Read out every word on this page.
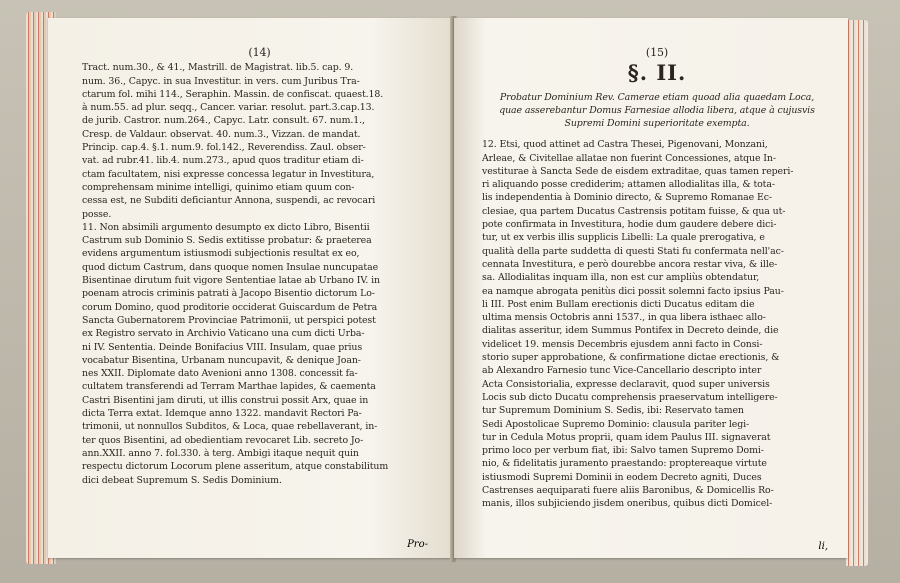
(14)
Tract. num.30., & 41., Mastrill. de Magistrat. lib.5. cap. 9.
num. 36., Capyc. in sua Investitur. in vers. cum Juribus Tra-
ctarum fol. mihi 114., Seraphin. Massin. de confiscat. quaest.18.
à num.55. ad plur. seqq., Cancer. variar. resolut. part.3.cap.13.
de jurib. Castror. num.264., Capyc. Latr. consult. 67. num.1.,
Cresp. de Valdaur. observat. 40. num.3., Vizzan. de mandat.
Princip. cap.4. §.1. num.9. fol.142., Reverendiss. Zaul. obser-
vat. ad rubr.41. lib.4. num.273., apud quos traditur etiam di-
ctam facultatem, nisi expresse concessa legatur in Investitura,
comprehensam minime intelligi, quinimo etiam quum con-
cessa est, ne Subditi deficiantur Annona, suspendi, ac revocari
posse.
11. Non absimili argumento desumpto ex dicto Libro, Bisentii
Castrum sub Dominio S. Sedis extitisse probatur: & praeterea
evidens argumentum istiusmodi subjectionis resultat ex eo,
quod dictum Castrum, dans quoque nomen Insulae nuncupatae
Bisentinae dirutum fuit vigore Sententiae latae ab Urbano IV. in
poenam atrocis criminis patrati à Jacopo Bisentio dictorum Lo-
corum Domino, quod proditorie occiderat Guiscardum de Petra
Sancta Gubernatorem Provinciae Patrimonii, ut perspici potest
ex Registro servato in Archivio Vaticano una cum dicti Urba-
ni IV. Sententia. Deinde Bonifacius VIII. Insulam, quae prius
vocabatur Bisentina, Urbanam nuncupavit, & denique Joan-
nes XXII. Diplomate dato Avenioni anno 1308. concessit fa-
cultatem transferendi ad Terram Marthae lapides, & caementa
Castri Bisentini jam diruti, ut illis construi possit Arx, quae in
dicta Terra extat. Idemque anno 1322. mandavit Rectori Pa-
trimonii, ut nonnullos Subditos, & Loca, quae rebellaverant, in-
ter quos Bisentini, ad obedientiam revocaret Lib. secreto Jo-
ann.XXII. anno 7. fol.330. à terg. Ambigi itaque nequit quin
respectu dictorum Locorum plene asseritum, atque constabilitum
dici debeat Supremum S. Sedis Dominium.
Pro-
(15)
§. II.
Probatur Dominium Rev. Camerae etiam quoad alia quaedam Loca,
quae asserebantur Domus Farnesiae allodia libera, atque à cujusvis
Supremi Domini superioritate exempta.
12. Etsi, quod attinet ad Castra Thesei, Pigenovani, Monzani,
Arleae, & Civitellae allatae non fuerint Concessiones, atque In-
vestiturae à Sancta Sede de eisdem extraditae, quas tamen reperi-
ri aliquando posse crediderim; attamen allodialitas illa, & tota-
lis independentia à Dominio directo, & Supremo Romanae Ec-
clesiae, qua partem Ducatus Castrensis potitam fuisse, & qua ut-
pote confirmata in Investitura, hodie dum gaudere debere dici-
tur, ut ex verbis illis supplicis Libelli: La quale prerogativa, e
qualità della parte suddetta di questi Stati fu confermata nell'ac-
cennata Investitura, e però dourebbe ancora restar viva, & ille-
sa. Allodialitas inquam illa, non est cur ampliùs obtendatur,
ea namque abrogata penitùs dici possit solemni facto ipsius Pau-
li III. Post enim Bullam erectionis dicti Ducatus editam die
ultima mensis Octobris anni 1537., in qua libera isthaec allo-
dialitas asseritur, idem Summus Pontifex in Decreto deinde, die
videlicet 19. mensis Decembris ejusdem anni facto in Consi-
storio super approbatione, & confirmatione dictae erectionis, &
ab Alexandro Farnesio tunc Vice-Cancellario descripto inter
Acta Consistorialia, expresse declaravit, quod super universis
Locis sub dicto Ducatu comprehensis praeservatum intelligere-
tur Supremum Dominium S. Sedis, ibi: Reservato tamen
Sedi Apostolicae Supremo Dominio: clausula pariter legi-
tur in Cedula Motus proprii, quam idem Paulus III. signaverat
primo loco per verbum fiat, ibi: Salvo tamen Supremo Domi-
nio, & fidelitatis juramento praestando: proptereaque virtute
istiusmodi Supremi Dominii in eodem Decreto agniti, Duces
Castrenses aequiparati fuere aliis Baronibus, & Domicellis Ro-
manis, illos subjiciendo jisdem oneribus, quibus dicti Domicel-
li,
